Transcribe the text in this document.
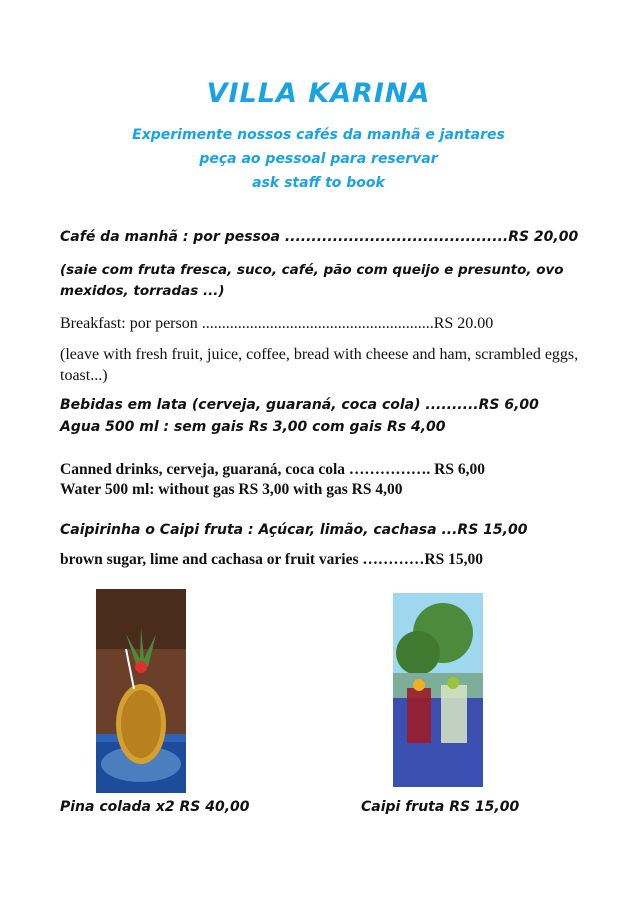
VILLA KARINA
Experimente nossos cafés da manhã e jantares
peça ao pessoal para reservar
ask staff to book
Café da manhã : por pessoa ..........................................RS 20,00
(saie com fruta fresca, suco, café, pão com queijo e presunto, ovo mexidos, torradas ...)
Breakfast: por person ..........................................................RS 20.00
(leave with fresh fruit, juice, coffee, bread with cheese and ham, scrambled eggs, toast...)
Bebidas em lata (cerveja, guaraná, coca cola) ..........RS 6,00
Agua 500 ml : sem gais Rs 3,00 com gais Rs 4,00
Canned drinks, cerveja, guaraná, coca cola ……………. RS 6,00
Water 500 ml: without gas RS 3,00 with gas RS 4,00
Caipirinha o Caipi fruta : Açúcar, limão, cachasa ...RS 15,00
brown sugar, lime and cachasa or fruit varies …………RS 15,00
Pina colada x2 RS 40,00	Caipi fruta RS 15,00
